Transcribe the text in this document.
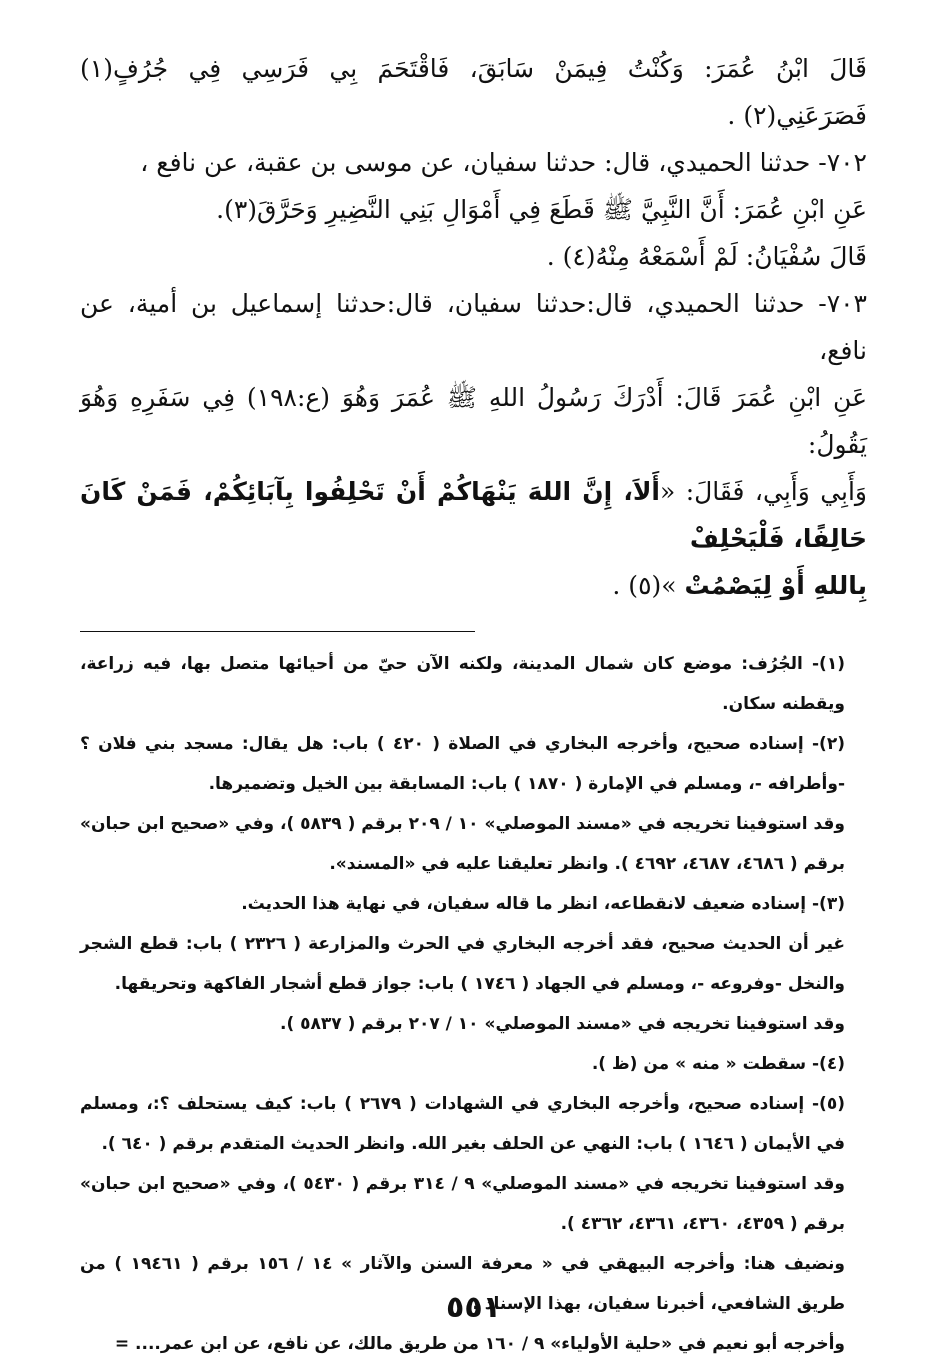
قَالَ ابْنُ عُمَرَ: وَكُنْتُ فِيمَنْ سَابَقَ، فَاقْتَحَمَ بِي فَرَسِي فِي جُرُفٍ(١) فَصَرَعَنِي(٢) .

٧٠٢- حدثنا الحميدي، قال: حدثنا سفيان، عن موسى بن عقبة، عن نافع ،

عَنِ ابْنِ عُمَرَ: أَنَّ النَّبِيَّ ﷺ قَطَعَ فِي أَمْوَالِ بَنِي النَّضِيرِ وَحَرَّقَ(٣).

قَالَ سُفْيَانُ: لَمْ أَسْمَعْهُ مِنْهُ(٤) .

٧٠٣- حدثنا الحميدي، قال:حدثنا سفيان، قال:حدثنا إسماعيل بن أمية، عن نافع،

عَنِ ابْنِ عُمَرَ قَالَ: أَدْرَكَ رَسُولُ اللهِ ﷺ عُمَرَ وَهُوَ (ع:١٩٨) فِي سَفَرِهِ وَهُوَ يَقُولُ:

وَأَبِي وَأَبِي، فَقَالَ: «أَلاَ، إِنَّ اللهَ يَنْهَاكُمْ أَنْ تَحْلِفُوا بِآبَائِكُمْ، فَمَنْ كَانَ حَالِفًا، فَلْيَحْلِفْ

بِاللهِ أَوْ لِيَصْمُتْ »(٥) .

(١)- الجُرُف: موضع كان شمال المدينة، ولكنه الآن حيّ من أحيائها متصل بها، فيه زراعة، ويقطنه سكان.

(٢)- إسناده صحيح، وأخرجه البخاري في الصلاة ( ٤٢٠ ) باب: هل يقال: مسجد بني فلان ؟ -وأطرافه -، ومسلم في الإمارة ( ١٨٧٠ ) باب: المسابقة بين الخيل وتضميرها.

وقد استوفينا تخريجه في «مسند الموصلي» ١٠ / ٢٠٩ برقم ( ٥٨٣٩ )، وفي «صحيح ابن حبان» برقم ( ٤٦٨٦، ٤٦٨٧، ٤٦٩٢ ). وانظر تعليقنا عليه في «المسند».

(٣)- إسناده ضعيف لانقطاعه، انظر ما قاله سفيان، في نهاية هذا الحديث.

غير أن الحديث صحيح، فقد أخرجه البخاري في الحرث والمزارعة ( ٢٣٢٦ ) باب: قطع الشجر والنخل -وفروعه -، ومسلم في الجهاد ( ١٧٤٦ ) باب: جواز قطع أشجار الفاكهة وتحريقها.

وقد استوفينا تخريجه في «مسند الموصلي» ١٠ / ٢٠٧ برقم ( ٥٨٣٧ ).

(٤)- سقطت « منه » من (ظ ).

(٥)- إسناده صحيح، وأخرجه البخاري في الشهادات ( ٢٦٧٩ ) باب: كيف يستحلف ؟:، ومسلم في الأيمان ( ١٦٤٦ ) باب: النهي عن الحلف بغير الله. وانظر الحديث المتقدم برقم ( ٦٤٠ ).

وقد استوفينا تخريجه في «مسند الموصلي» ٩ / ٣١٤ برقم ( ٥٤٣٠ )، وفي «صحيح ابن حبان» برقم ( ٤٣٥٩، ٤٣٦٠، ٤٣٦١، ٤٣٦٢ ).

ونضيف هنا: وأخرجه البيهقي في « معرفة السنن والآثار » ١٤ / ١٥٦ برقم ( ١٩٤٦١ ) من طريق الشافعي، أخبرنا سفيان، بهذا الإسناد .

وأخرجه أبو نعيم في «حلية الأولياء» ٩ / ١٦٠ من طريق مالك، عن نافع، عن ابن عمر.... =

٥٥١
